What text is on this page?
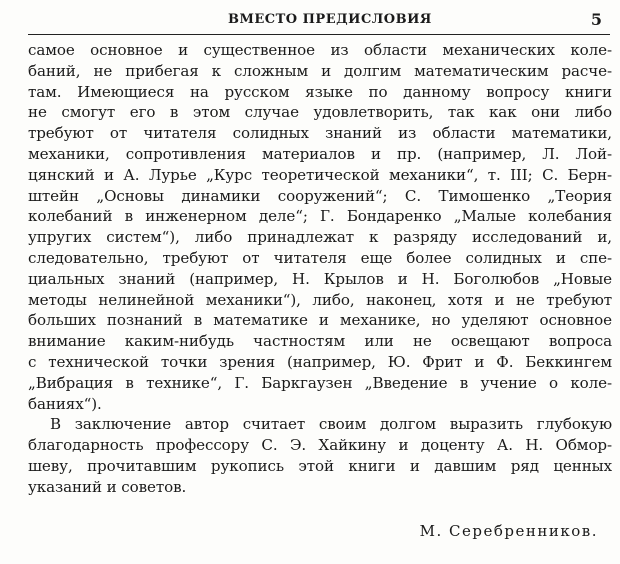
ВМЕСТО ПРЕДИСЛОВИЯ	5

самое основное и существенное из области механических коле-
баний, не прибегая к сложным и долгим математическим расче-
там. Имеющиеся на русском языке по данному вопросу книги
не смогут его в этом случае удовлетворить, так как они либо
требуют от читателя солидных знаний из области математики,
механики, сопротивления материалов и пр. (например, Л. Лой-
цянский и А. Лурье „Курс теоретической механики“, т. III; С. Берн-
штейн „Основы динамики сооружений“; С. Тимошенко „Теория
колебаний в инженерном деле“; Г. Бондаренко „Малые колебания
упругих систем“), либо принадлежат к разряду исследований и,
следовательно, требуют от читателя еще более солидных и спе-
циальных знаний (например, Н. Крылов и Н. Боголюбов „Новые
методы нелинейной механики“), либо, наконец, хотя и не требуют
больших познаний в математике и механике, но уделяют основное
внимание каким-нибудь частностям или не освещают вопроса
с технической точки зрения (например, Ю. Фрит и Ф. Беккингем
„Вибрация в технике“, Г. Баркгаузен „Введение в учение о коле-
баниях“).

В заключение автор считает своим долгом выразить глубокую
благодарность профессору С. Э. Хайкину и доценту А. Н. Обмор-
шеву, прочитавшим рукопись этой книги и давшим ряд ценных
указаний и советов.

М. Серебренников.
